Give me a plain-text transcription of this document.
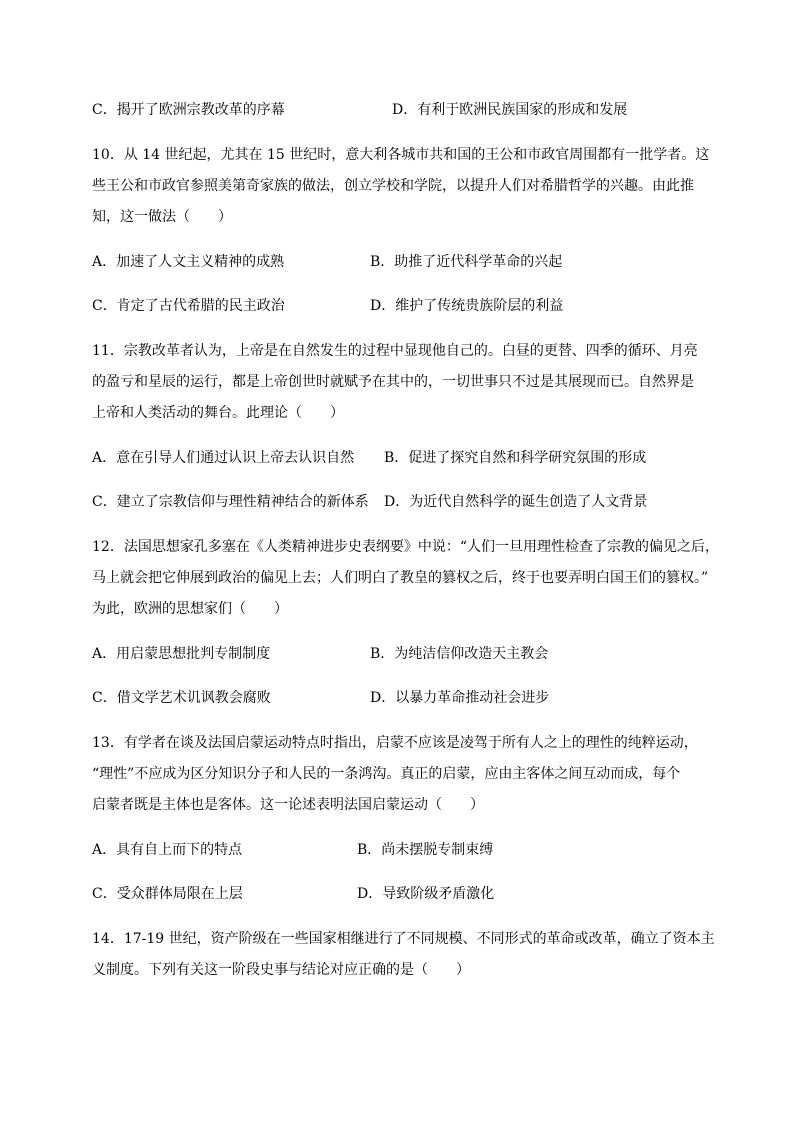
C．揭开了欧洲宗教改革的序幕	D．有利于欧洲民族国家的形成和发展
10．从 14 世纪起，尤其在 15 世纪时，意大利各城市共和国的王公和市政官周围都有一批学者。这
些王公和市政官参照美第奇家族的做法，创立学校和学院，以提升人们对希腊哲学的兴趣。由此推
知，这一做法（　　）
A．加速了人文主义精神的成熟	B．助推了近代科学革命的兴起
C．肯定了古代希腊的民主政治	D．维护了传统贵族阶层的利益
11．宗教改革者认为，上帝是在自然发生的过程中显现他自己的。白昼的更替、四季的循环、月亮
的盈亏和星辰的运行，都是上帝创世时就赋予在其中的，一切世事只不过是其展现而已。自然界是
上帝和人类活动的舞台。此理论（　　）
A．意在引导人们通过认识上帝去认识自然 B．促进了探究自然和科学研究氛围的形成
C．建立了宗教信仰与理性精神结合的新体系 D．为近代自然科学的诞生创造了人文背景
12．法国思想家孔多塞在《人类精神进步史表纲要》中说：“人们一旦用理性检查了宗教的偏见之后，
马上就会把它伸展到政治的偏见上去；人们明白了教皇的篡权之后，终于也要弄明白国王们的篡权。”
为此，欧洲的思想家们（　　）
A．用启蒙思想批判专制制度	B．为纯洁信仰改造天主教会
C．借文学艺术讥讽教会腐败	D．以暴力革命推动社会进步
13．有学者在谈及法国启蒙运动特点时指出，启蒙不应该是凌驾于所有人之上的理性的纯粹运动，
“理性”不应成为区分知识分子和人民的一条鸿沟。真正的启蒙，应由主客体之间互动而成，每个
启蒙者既是主体也是客体。这一论述表明法国启蒙运动（　　）
A．具有自上而下的特点	B．尚未摆脱专制束缚
C．受众群体局限在上层	D．导致阶级矛盾激化
14．17-19 世纪，资产阶级在一些国家相继进行了不同规模、不同形式的革命或改革，确立了资本主
义制度。下列有关这一阶段史事与结论对应正确的是（　　）
